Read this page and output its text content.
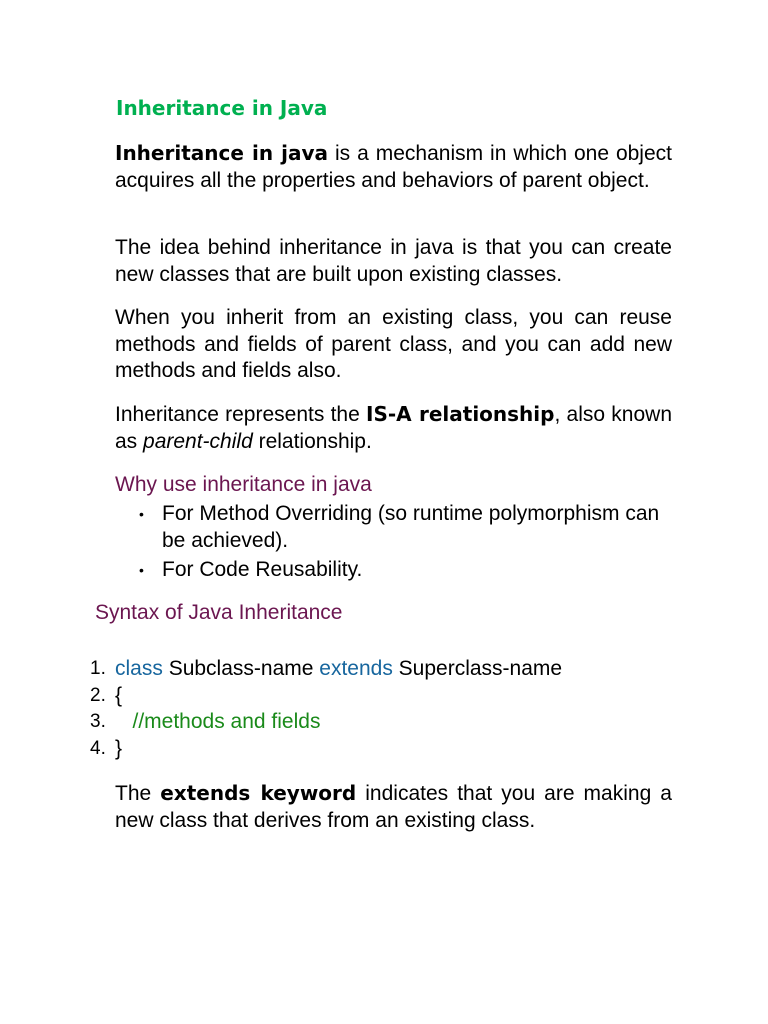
Inheritance in Java

Inheritance in java is a mechanism in which one object acquires all the properties and behaviors of parent object.

The idea behind inheritance in java is that you can create new classes that are built upon existing classes.

When you inherit from an existing class, you can reuse methods and fields of parent class, and you can add new methods and fields also.

Inheritance represents the IS-A relationship, also known as parent-child relationship.

Why use inheritance in java
• For Method Overriding (so runtime polymorphism can be achieved).
• For Code Reusability.
Syntax of Java Inheritance
1. class Subclass-name extends Superclass-name
2. {
3. //methods and fields
4. }

The extends keyword indicates that you are making a new class that derives from an existing class.
